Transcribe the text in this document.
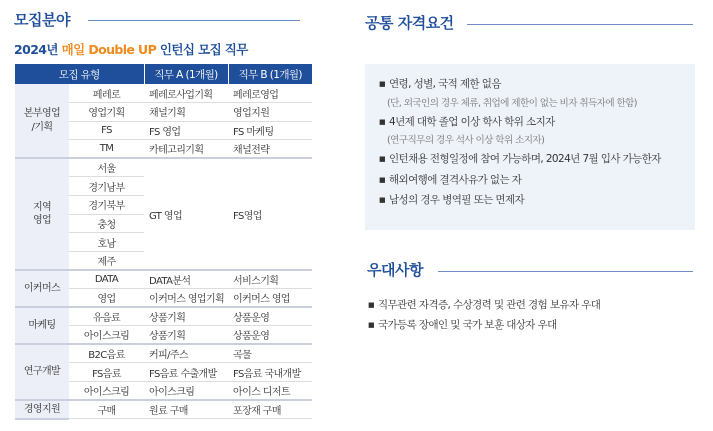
모집분야
2024년 매일 Double UP 인턴십 모집 직무
모집 유형		직무 A (1개월)	직무 B (1개월)
본부영업
/기획	페레로	페레로사업기획	페레로영업
	영업기획	채널기획	영업지원
	FS	FS 영업	FS 마케팅
	TM	카테고리기획	채널전략
지역
영업	서울	GT 영업	FS영업
	경기남부		
	경기북부		
	충청		
	호남		
	제주		
이커머스	DATA	DATA분석	서비스기획
	영업	이커머스 영업기획	이커머스 영업
마케팅	유음료	상품기획	상품운영
	아이스크림	상품기획	상품운영
연구개발	B2C음료	커피/주스	곡물
	FS음료	FS음료 수출개발	FS음료 국내개발
	아이스크림	아이스크림	아이스 디저트
경영지원	구매	원료 구매	포장재 구매
공통 자격요건
■ 연령, 성별, 국적 제한 없음
(단, 외국인의 경우 체류, 취업에 제한이 없는 비자 취득자에 한함)
■ 4년제 대학 졸업 이상 학사 학위 소지자
(연구직무의 경우 석사 이상 학위 소지자)
■ 인턴채용 전형일정에 참여 가능하며, 2024년 7월 입사 가능한자
■ 해외여행에 결격사유가 없는 자
■ 남성의 경우 병역필 또는 면제자
우대사항
■ 직무관련 자격증, 수상경력 및 관련 경험 보유자 우대
■ 국가등록 장애인 및 국가 보훈 대상자 우대
